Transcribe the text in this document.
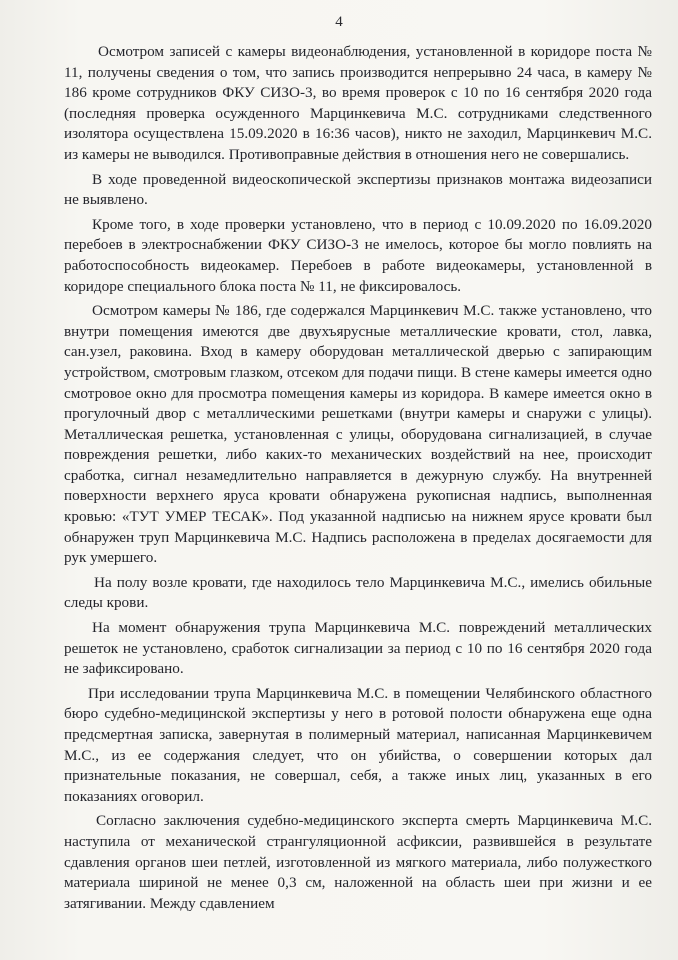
4

Осмотром записей с камеры видеонаблюдения, установленной в коридоре поста № 11, получены сведения о том, что запись производится непрерывно 24 часа, в камеру № 186 кроме сотрудников ФКУ СИЗО-3, во время проверок с 10 по 16 сентября 2020 года (последняя проверка осужденного Марцинкевича М.С. сотрудниками следственного изолятора осуществлена 15.09.2020 в 16:36 часов), никто не заходил, Марцинкевич М.С. из камеры не выводился. Противоправные действия в отношения него не совершались.

В ходе проведенной видеоскопической экспертизы признаков монтажа видеозаписи не выявлено.

Кроме того, в ходе проверки установлено, что в период с 10.09.2020 по 16.09.2020 перебоев в электроснабжении ФКУ СИЗО-3 не имелось, которое бы могло повлиять на работоспособность видеокамер. Перебоев в работе видеокамеры, установленной в коридоре специального блока поста № 11, не фиксировалось.

Осмотром камеры № 186, где содержался Марцинкевич М.С. также установлено, что внутри помещения имеются две двухъярусные металлические кровати, стол, лавка, сан.узел, раковина. Вход в камеру оборудован металлической дверью с запирающим устройством, смотровым глазком, отсеком для подачи пищи. В стене камеры имеется одно смотровое окно для просмотра помещения камеры из коридора. В камере имеется окно в прогулочный двор с металлическими решетками (внутри камеры и снаружи с улицы). Металлическая решетка, установленная с улицы, оборудована сигнализацией, в случае повреждения решетки, либо каких-то механических воздействий на нее, происходит сработка, сигнал незамедлительно направляется в дежурную службу. На внутренней поверхности верхнего яруса кровати обнаружена рукописная надпись, выполненная кровью: «ТУТ УМЕР ТЕСАК». Под указанной надписью на нижнем ярусе кровати был обнаружен труп Марцинкевича М.С. Надпись расположена в пределах досягаемости для рук умершего.

На полу возле кровати, где находилось тело Марцинкевича М.С., имелись обильные следы крови.

На момент обнаружения трупа Марцинкевича М.С. повреждений металлических решеток не установлено, сработок сигнализации за период с 10 по 16 сентября 2020 года не зафиксировано.

При исследовании трупа Марцинкевича М.С. в помещении Челябинского областного бюро судебно-медицинской экспертизы у него в ротовой полости обнаружена еще одна предсмертная записка, завернутая в полимерный материал, написанная Марцинкевичем М.С., из ее содержания следует, что он убийства, о совершении которых дал признательные показания, не совершал, себя, а также иных лиц, указанных в его показаниях оговорил.

Согласно заключения судебно-медицинского эксперта смерть Марцинкевича М.С. наступила от механической странгуляционной асфиксии, развившейся в результате сдавления органов шеи петлей, изготовленной из мягкого материала, либо полужесткого материала шириной не менее 0,3 см, наложенной на область шеи при жизни и ее затягивании. Между сдавлением
